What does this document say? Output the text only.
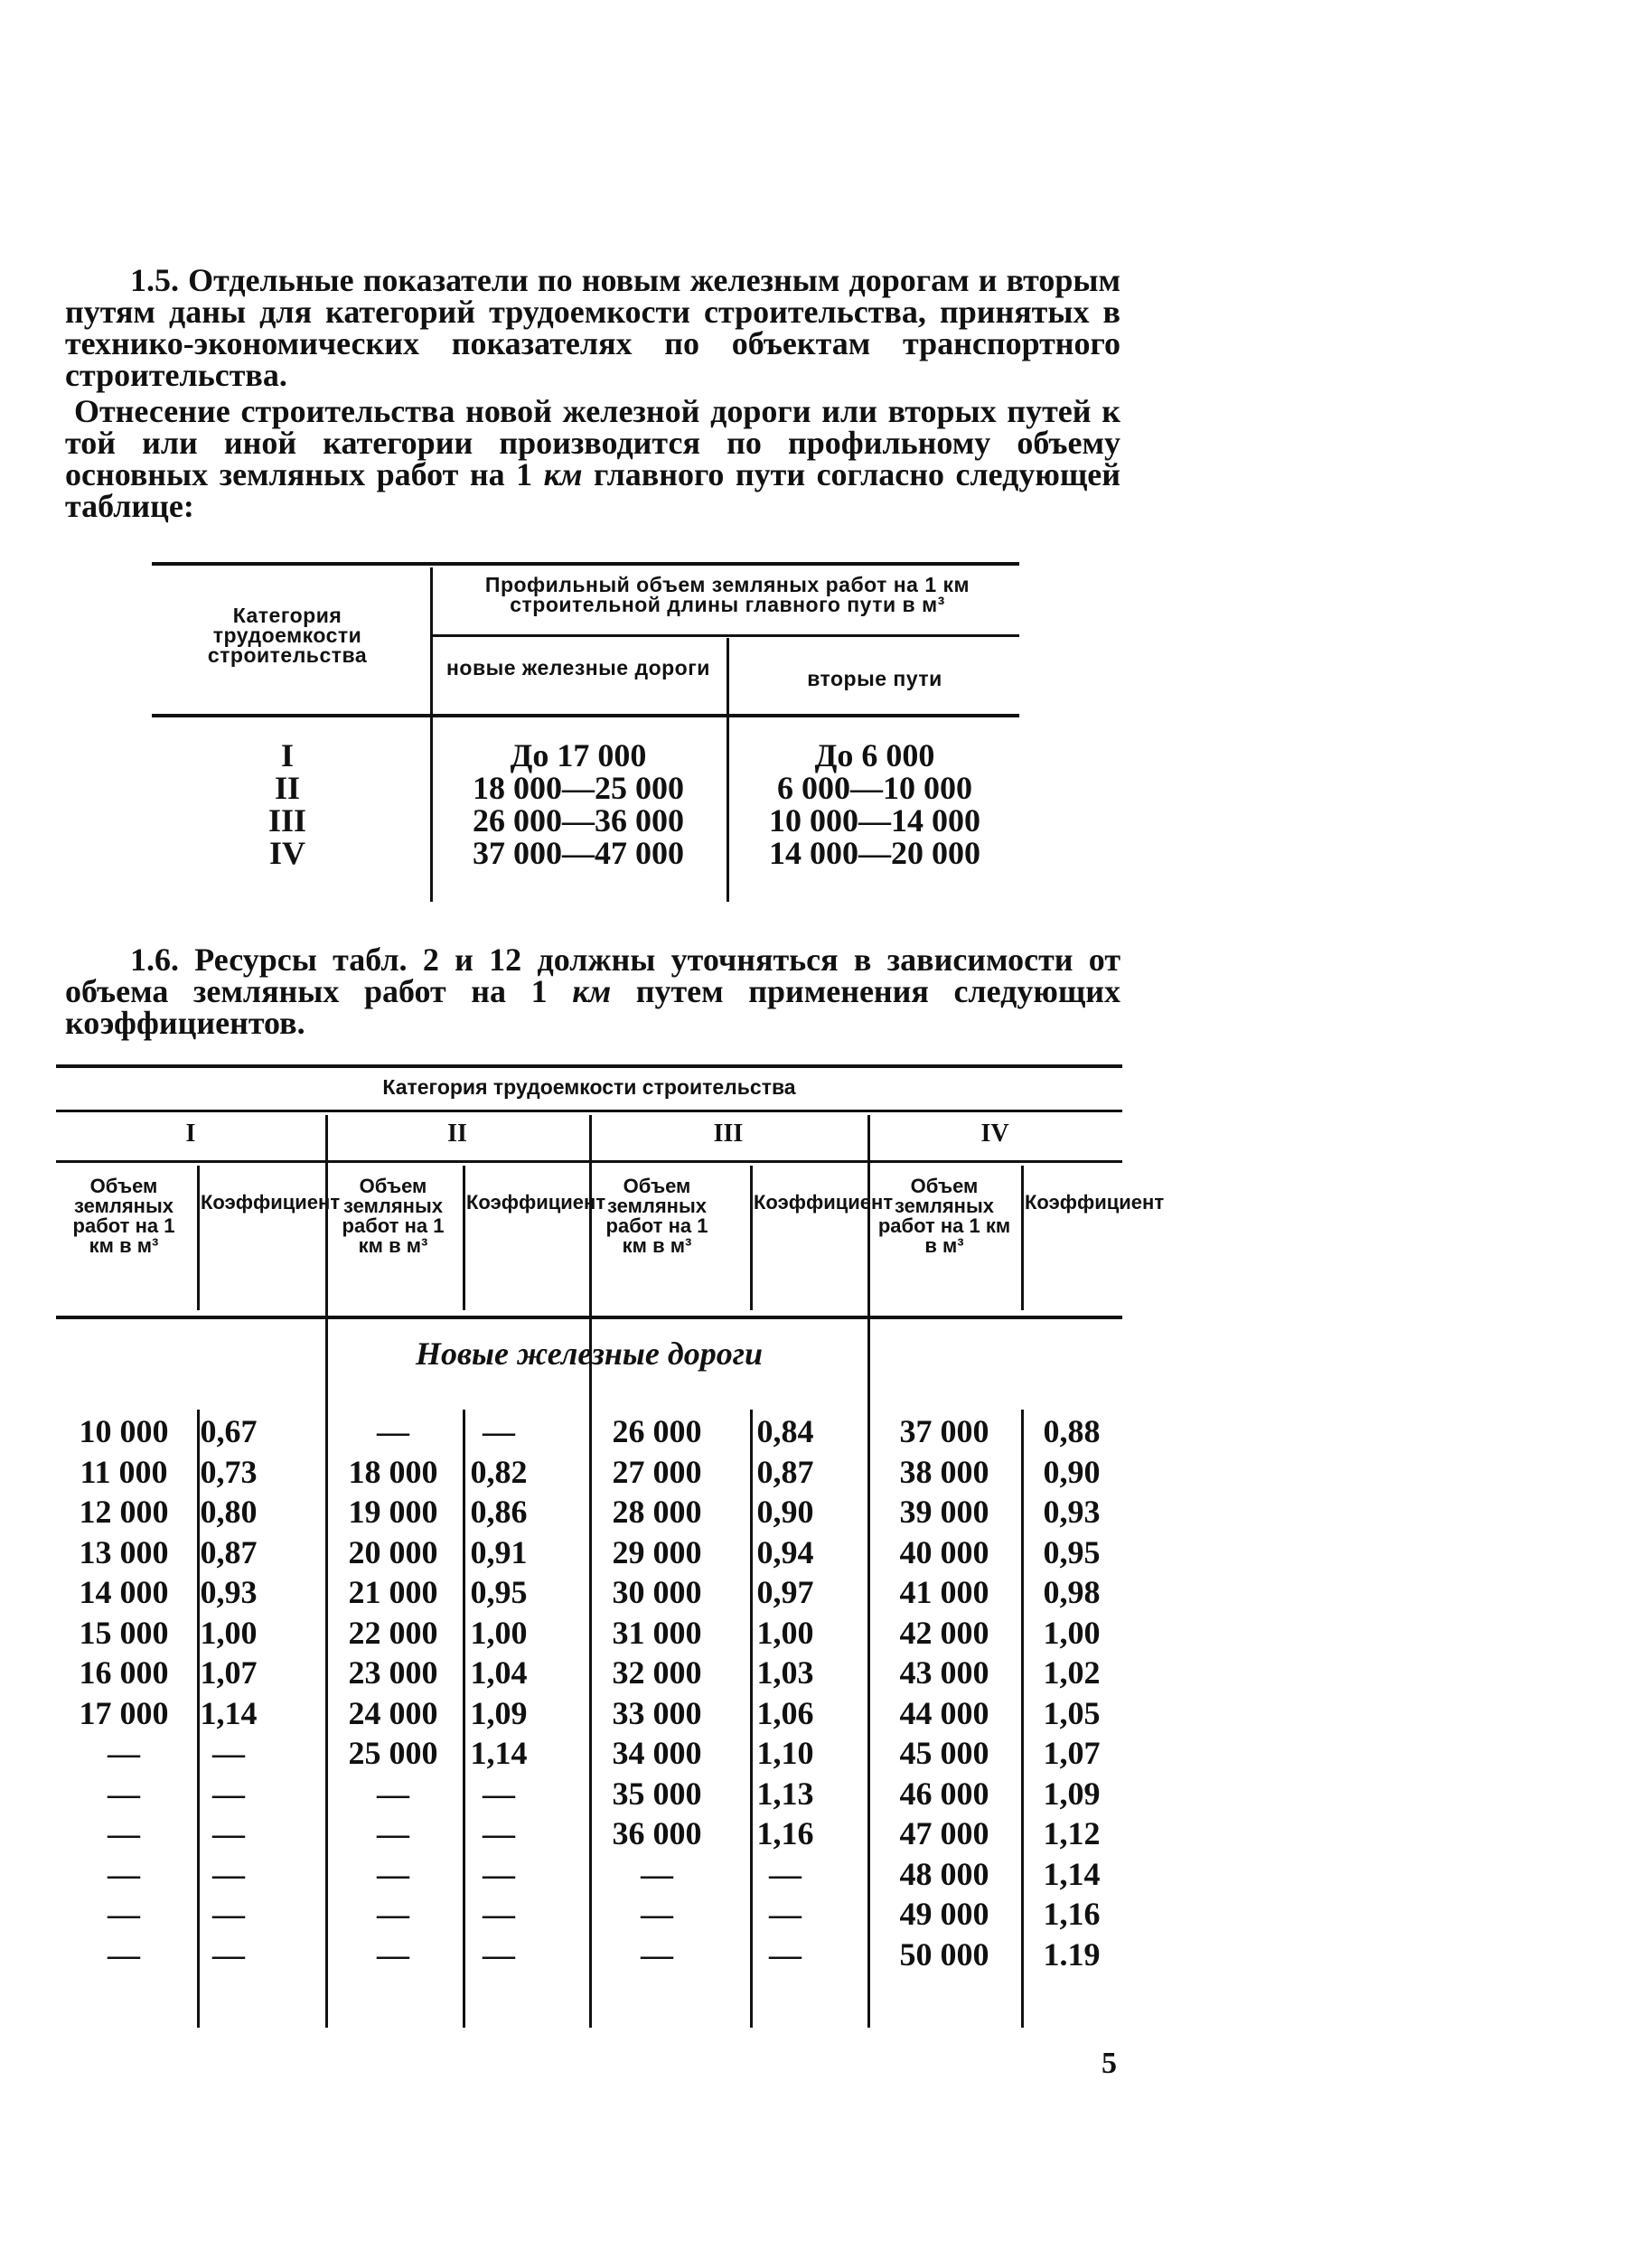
1.5. Отдельные показатели по новым железным дорогам и вторым путям даны для категорий трудоемкости строительства, принятых в технико-экономических показателях по объектам транспортного строительства.

Отнесение строительства новой железной дороги или вторых путей к той или иной категории производится по профильному объему основных земляных работ на 1 км главного пути согласно следующей таблице:

Категория трудоемкости строительства
Профильный объем земляных работ на 1 км строительной длины главного пути в м³
новые железные дороги	вторые пути
I	До 17 000	До 6 000
II	18 000—25 000	6 000—10 000
III	26 000—36 000	10 000—14 000
IV	37 000—47 000	14 000—20 000

1.6. Ресурсы табл. 2 и 12 должны уточняться в зависимости от объема земляных работ на 1 км путем применения следующих коэффициентов.

Категория трудоемкости строительства
I	II	III	IV
Объем земляных работ на 1 км в м³
Коэффициент
Объем земляных работ на 1 км в м³
Коэффициент
Объем земляных работ на 1 км в м³
Коэффициент
Объем земляных работ на 1 км в м³
Коэффициент
Новые железные дороги
10 000 0,67	—	—	26 000	0,84	37 000	0,88
11 000	0,73	18 000	0,82	27 000	0,87	38 000	0,90
12 000 0,80	19 000	0,86	28 000	0,90	39 000	0,93
13 000 0,87	20 000	0,91	29 000	0,94	40 000	0,95
14 000 0,93	21 000	0,95	30 000	0,97	41 000	0,98
15 000 1,00	22 000	1,00	31 000	1,00	42 000	1,00
16 000 1,07	23 000	1,04	32 000	1,03	43 000	1,02
17 000 1,14	24 000	1,09	33 000	1,06	44 000	1,05
—	—	25 000	1,14	34 000	1,10	45 000	1,07
—	—	—	—	35 000	1,13	46 000	1,09
—	—	—	—	36 000	1,16	47 000	1,12
—	—	—	—	—	—	48 000	1,14
—	—	—	—	—	—	49 000	1,16
—	—	—	—	—	—	50 000	1.19
5
